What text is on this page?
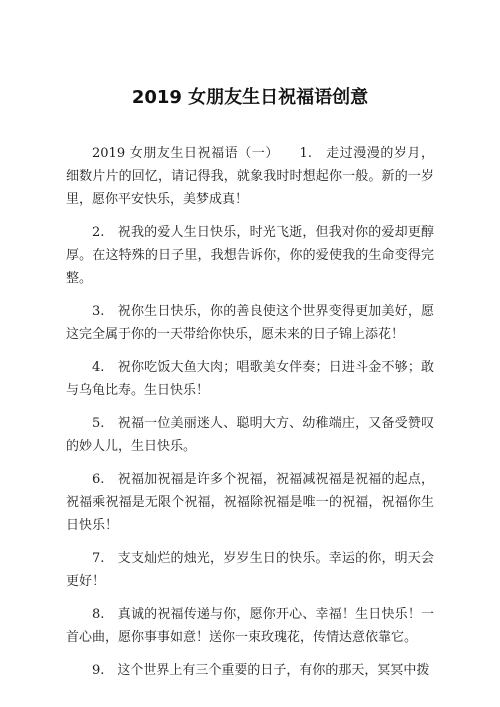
2019 女朋友生日祝福语创意

2019 女朋友生日祝福语（一）　　1.　走过漫漫的岁月，细数片片的回忆，请记得我，就象我时时想起你一般。新的一岁里，愿你平安快乐，美梦成真！

2.　祝我的爱人生日快乐，时光飞逝，但我对你的爱却更醇厚。在这特殊的日子里，我想告诉你，你的爱使我的生命变得完整。

3.　祝你生日快乐，你的善良使这个世界变得更加美好，愿这完全属于你的一天带给你快乐，愿未来的日子锦上添花！

4.　祝你吃饭大鱼大肉；唱歌美女伴奏；日进斗金不够；敢与乌龟比寿。生日快乐！

5.　祝福一位美丽迷人、聪明大方、幼稚端庄，又备受赞叹的妙人儿，生日快乐。

6.　祝福加祝福是许多个祝福，祝福减祝福是祝福的起点，祝福乘祝福是无限个祝福，祝福除祝福是唯一的祝福，祝福你生日快乐！

7.　支支灿烂的烛光，岁岁生日的快乐。幸运的你，明天会更好！

8.　真诚的祝福传递与你，愿你开心、幸福！生日快乐！一首心曲，愿你事事如意！送你一束玫瑰花，传情达意依靠它。

9.　这个世界上有三个重要的日子，有你的那天，冥冥中拨
